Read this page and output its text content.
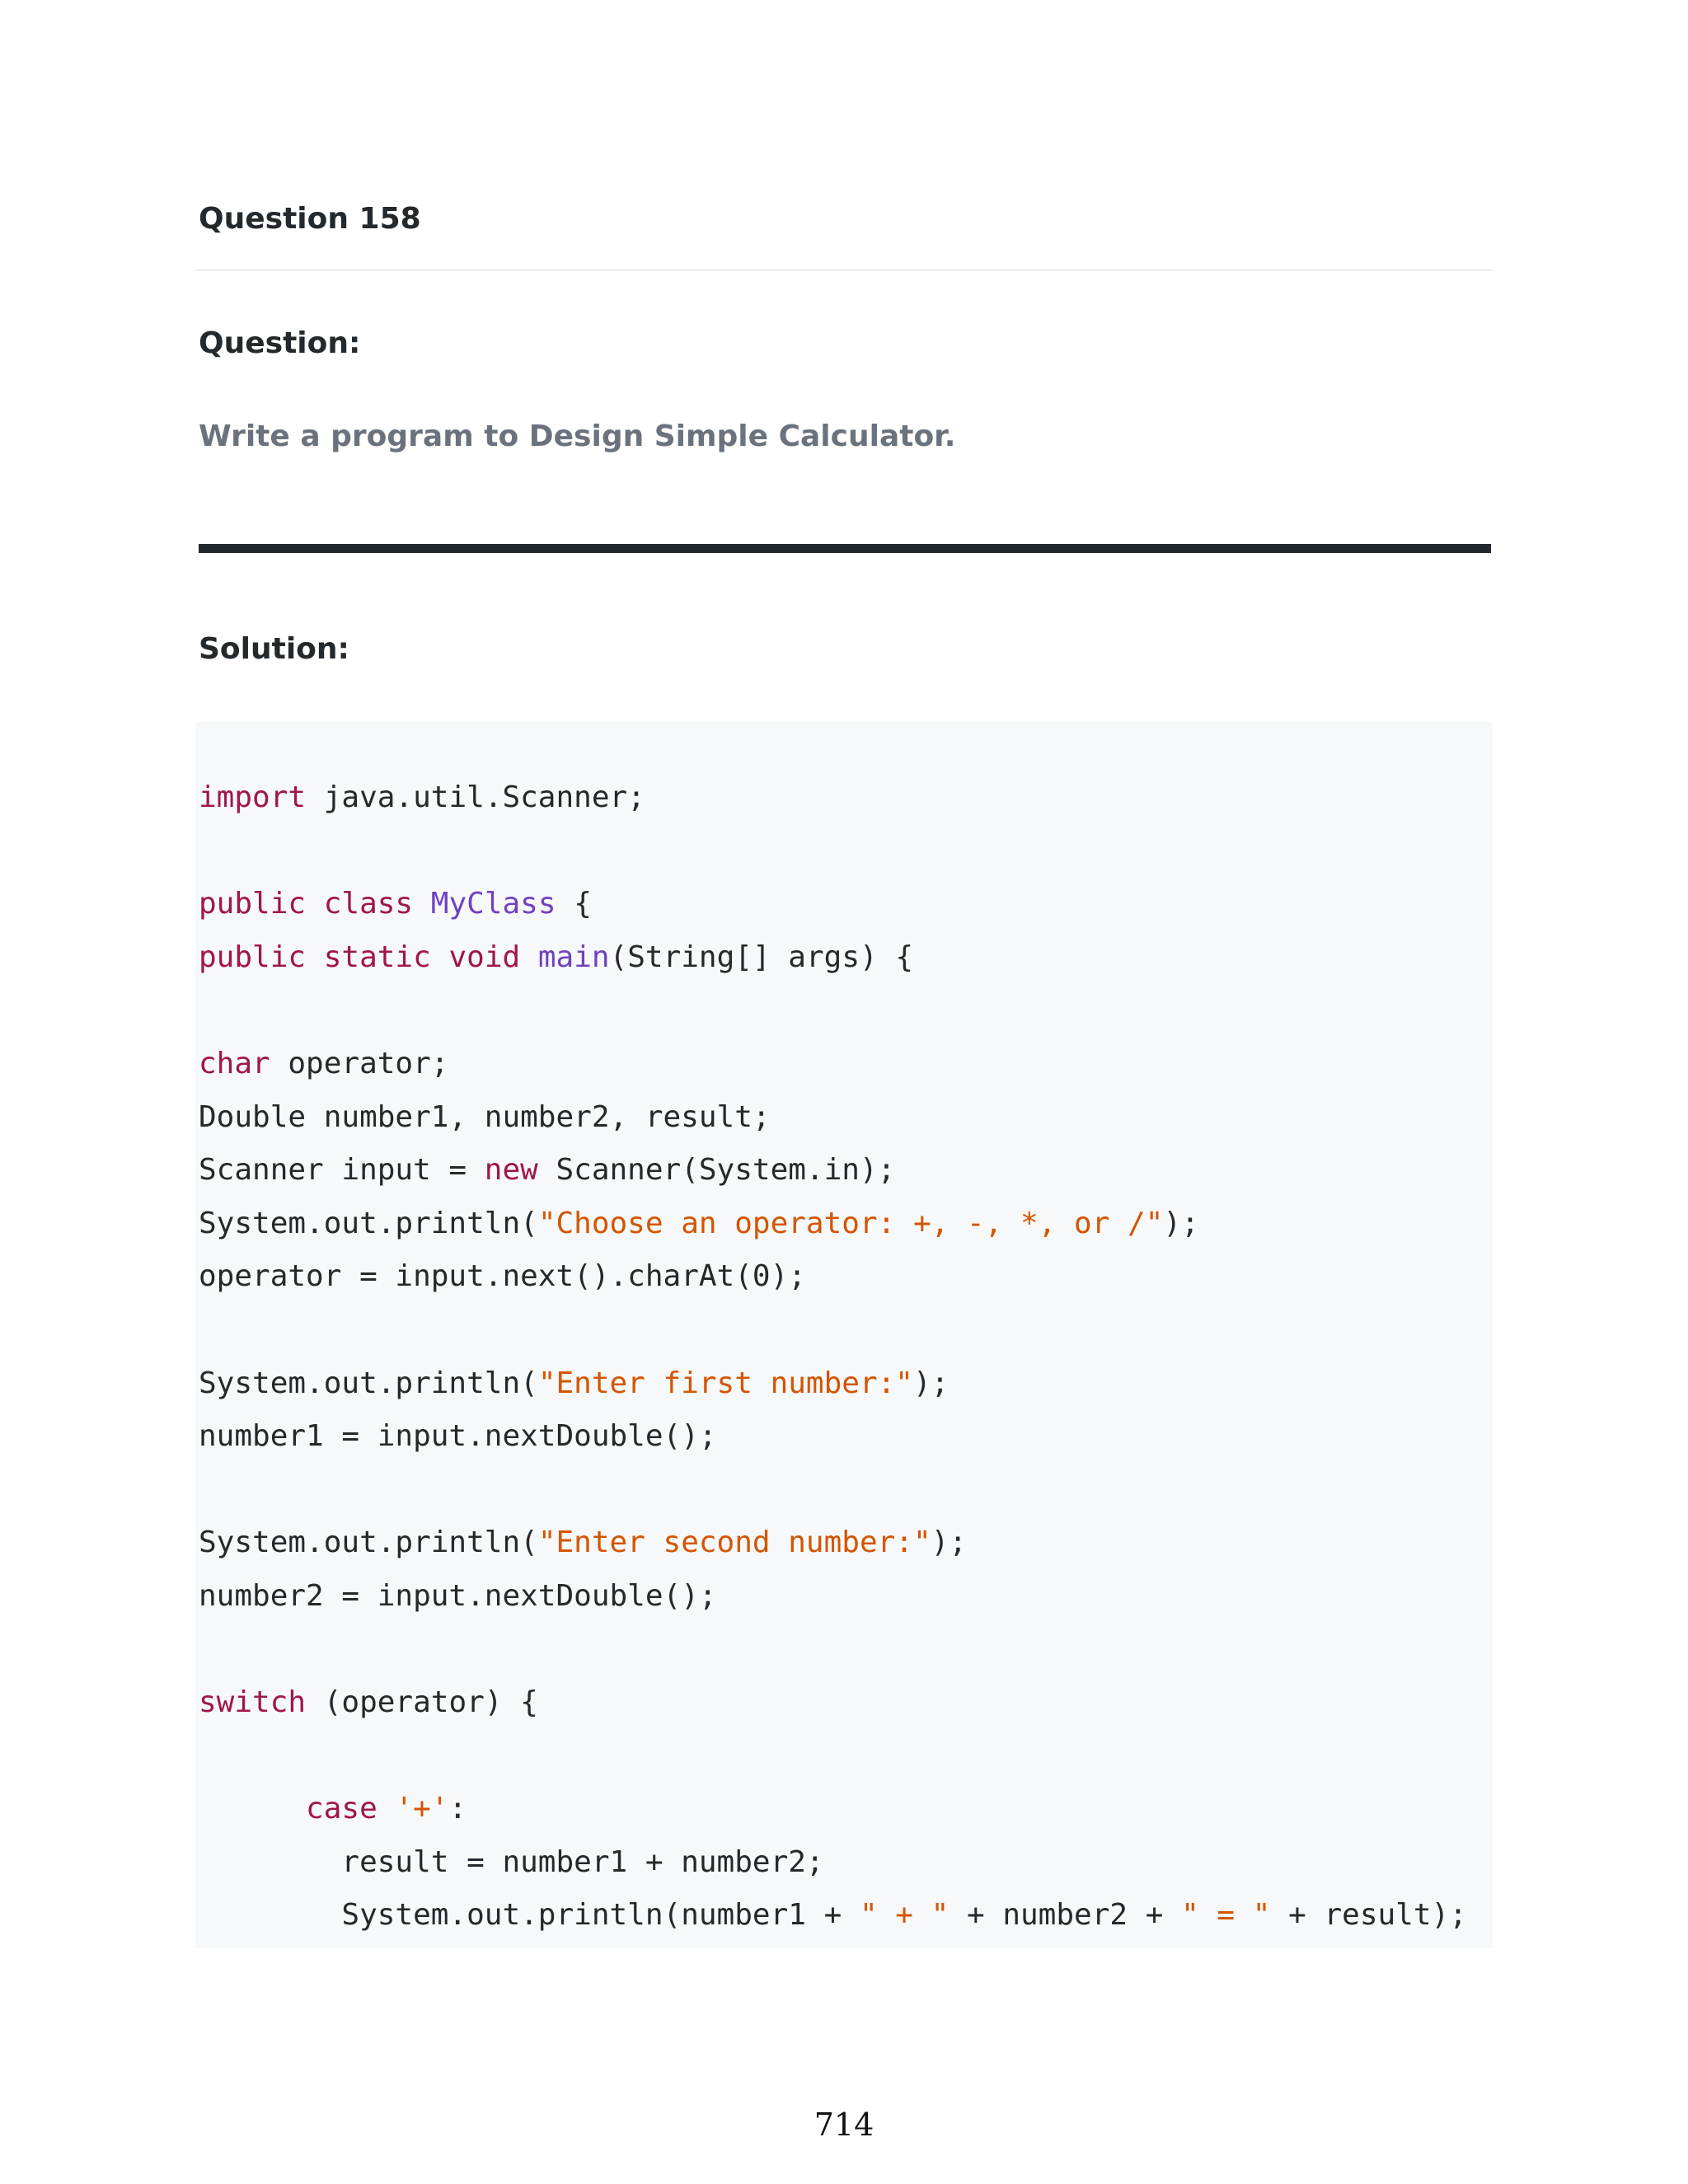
Question 158
Question:

Write a program to Design Simple Calculator.

Solution:
import java.util.Scanner;

public class MyClass {
public static void main(String[] args) {

char operator;
Double number1, number2, result;
Scanner input = new Scanner(System.in);
System.out.println("Choose an operator: +, -, *, or /");
operator = input.next().charAt(0);

System.out.println("Enter first number:");
number1 = input.nextDouble();

System.out.println("Enter second number:");
number2 = input.nextDouble();

switch (operator) {

case '+':
result = number1 + number2;
System.out.println(number1 + " + " + number2 + " = " + result);
714
